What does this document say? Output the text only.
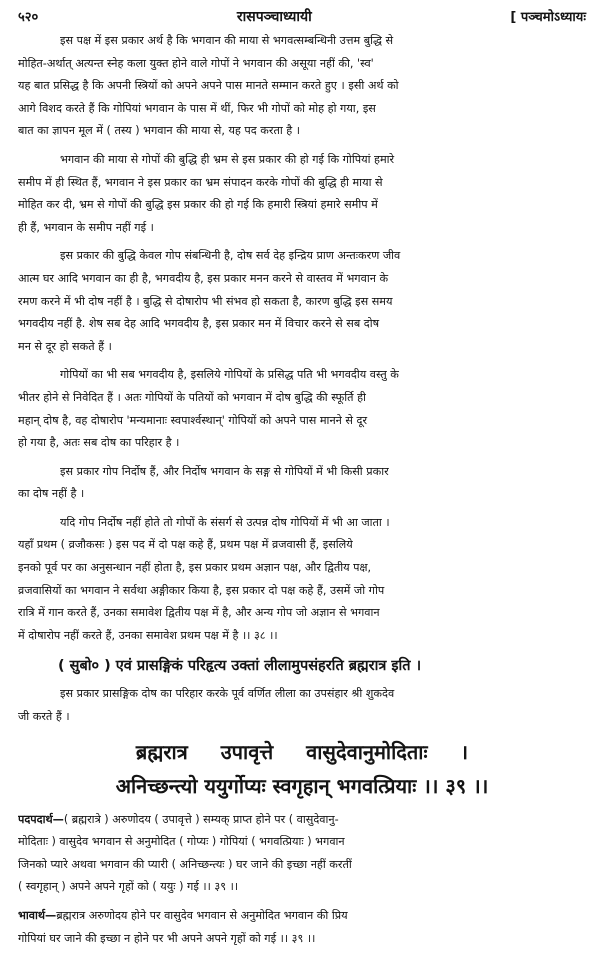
५२०	रासपञ्चाध्यायी	[ पञ्चमोऽध्यायः
इस पक्ष में इस प्रकार अर्थ है कि भगवान की माया से भगवत्सम्बन्धिनी उत्तम बुद्धि से
मोहित-अर्थात् अत्यन्त स्नेह कला युक्त होने वाले गोपों ने भगवान की असूया नहीं की, 'स्व'
यह बात प्रसिद्ध है कि अपनी स्त्रियों को अपने अपने पास मानते सम्मान करते हुए । इसी अर्थ को
आगे विशद करते हैं कि गोपियां भगवान के पास में थीं, फिर भी गोपों को मोह हो गया, इस
बात का ज्ञापन मूल में ( तस्य ) भगवान की माया से, यह पद करता है ।
भगवान की माया से गोपों की बुद्धि ही भ्रम से इस प्रकार की हो गई कि गोपियां हमारे
समीप में ही स्थित हैं, भगवान ने इस प्रकार का भ्रम संपादन करके गोपों की बुद्धि ही माया से
मोहित कर दी, भ्रम से गोपों की बुद्धि इस प्रकार की हो गई कि हमारी स्त्रियां हमारे समीप में
ही हैं, भगवान के समीप नहीं गई ।
इस प्रकार की बुद्धि केवल गोप संबन्धिनी है, दोष सर्व देह इन्द्रिय प्राण अन्तःकरण जीव
आत्म घर आदि भगवान का ही है, भगवदीय है, इस प्रकार मनन करने से वास्तव में भगवान के
रमण करने में भी दोष नहीं है । बुद्धि से दोषारोप भी संभव हो सकता है, कारण बुद्धि इस समय
भगवदीय नहीं है. शेष सब देह आदि भगवदीय है, इस प्रकार मन में विचार करने से सब दोष
मन से दूर हो सकते हैं ।
गोपियों का भी सब भगवदीय है, इसलिये गोपियों के प्रसिद्ध पति भी भगवदीय वस्तु के
भीतर होने से निवेदित हैं । अतः गोपियों के पतियों को भगवान में दोष बुद्धि की स्फूर्ति ही
महान् दोष है, वह दोषारोप 'मन्यमानाः स्वपार्श्वस्थान्' गोपियों को अपने पास मानने से दूर
हो गया है, अतः सब दोष का परिहार है ।
इस प्रकार गोप निर्दोष हैं, और निर्दोष भगवान के सङ्ग से गोपियों में भी किसी प्रकार
का दोष नहीं है ।
यदि गोप निर्दोष नहीं होते तो गोपों के संसर्ग से उत्पन्न दोष गोपियों में भी आ जाता ।
यहाँ प्रथम ( व्रजौकसः ) इस पद में दो पक्ष कहे हैं, प्रथम पक्ष में व्रजवासी हैं, इसलिये
इनको पूर्व पर का अनुसन्धान नहीं होता है, इस प्रकार प्रथम अज्ञान पक्ष, और द्वितीय पक्ष,
व्रजवासियों का भगवान ने सर्वथा अङ्गीकार किया है, इस प्रकार दो पक्ष कहे हैं, उसमें जो गोप
रात्रि में गान करते हैं, उनका समावेश द्वितीय पक्ष में है, और अन्य गोप जो अज्ञान से भगवान
में दोषारोप नहीं करते हैं, उनका समावेश प्रथम पक्ष में है ।। ३८ ।।
( सुबो० ) एवं प्रासङ्गिकं परिहृत्य उक्तां लीलामुपसंहरति ब्रह्मरात्र इति ।
इस प्रकार प्रासङ्गिक दोष का परिहार करके पूर्व वर्णित लीला का उपसंहार श्री शुकदेव
जी करते हैं ।
ब्रह्मरात्र उपावृत्ते वासुदेवानुमोदिताः ।
अनिच्छन्त्यो ययुर्गोप्यः स्वगृहान् भगवत्प्रियाः ।। ३९ ।।
पदपदार्थ—( ब्रह्मरात्रे ) अरुणोदय ( उपावृत्ते ) सम्यक् प्राप्त होने पर ( वासुदेवानु-
मोदिताः ) वासुदेव भगवान से अनुमोदित ( गोप्यः ) गोपियां ( भगवत्प्रियाः ) भगवान
जिनको प्यारे अथवा भगवान की प्यारी ( अनिच्छन्त्यः ) घर जाने की इच्छा नहीं करतीं
( स्वगृहान् ) अपने अपने गृहों को ( ययुः ) गई ।। ३९ ।।
भावार्थ—ब्रह्मरात्र अरुणोदय होने पर वासुदेव भगवान से अनुमोदित भगवान की प्रिय
गोपियां घर जाने की इच्छा न होने पर भी अपने अपने गृहों को गई ।। ३९ ।।
